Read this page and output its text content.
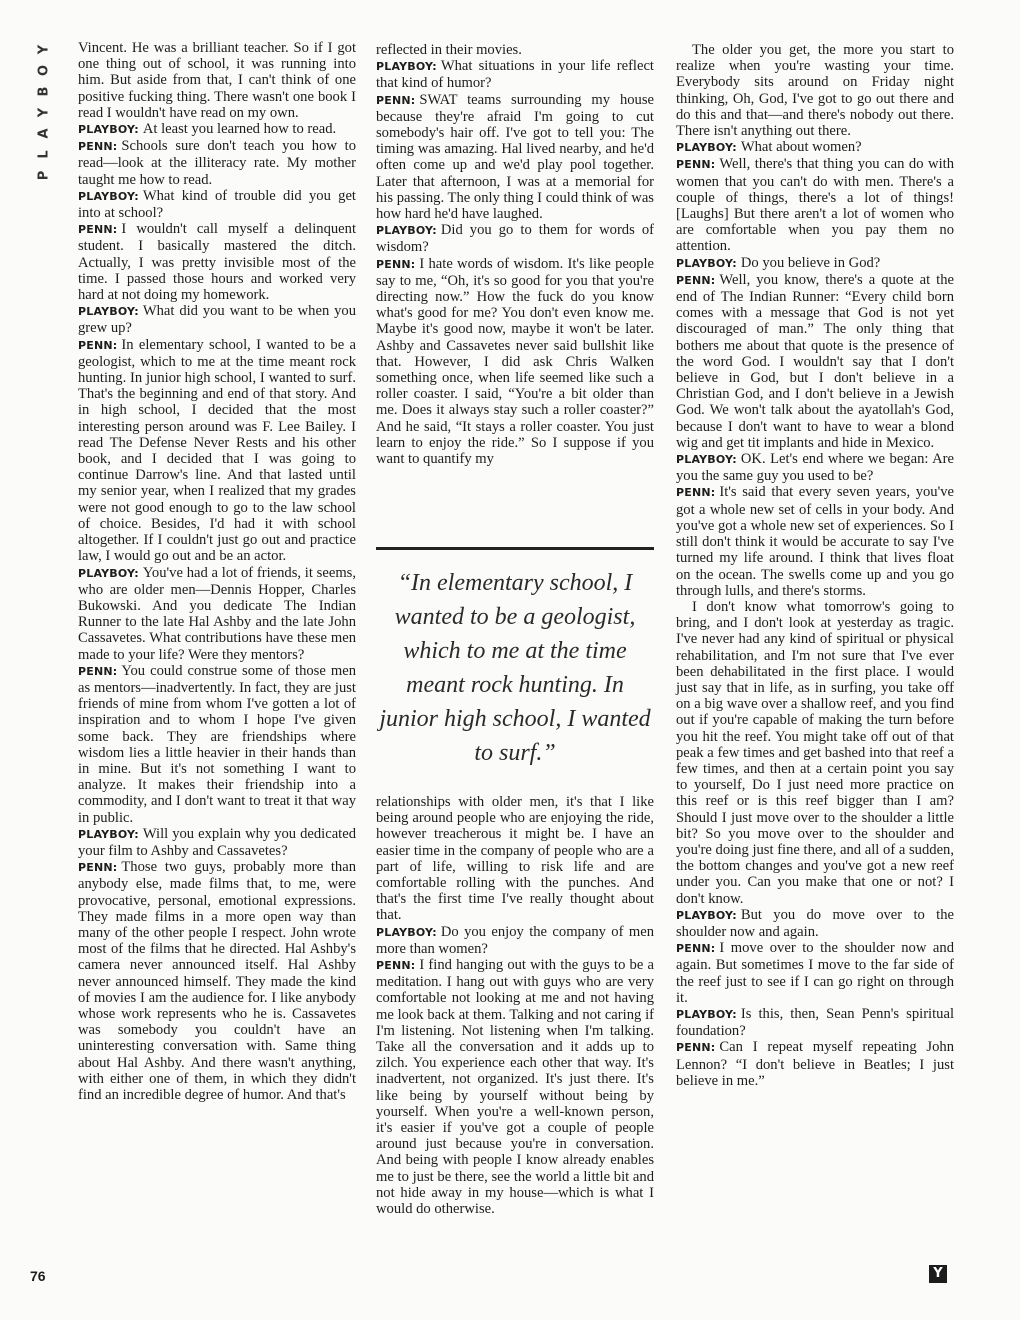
Y
O
B
Y
A
L
P

Vincent. He was a brilliant teacher. So if I got one thing out of school, it was running into him. But aside from that, I can't think of one positive fucking thing. There wasn't one book I read I wouldn't have read on my own.

PLAYBOY: At least you learned how to read.

PENN: Schools sure don't teach you how to read—look at the illiteracy rate. My mother taught me how to read.

PLAYBOY: What kind of trouble did you get into at school?

PENN: I wouldn't call myself a delinquent student. I basically mastered the ditch. Actually, I was pretty invisible most of the time. I passed those hours and worked very hard at not doing my homework.

PLAYBOY: What did you want to be when you grew up?

PENN: In elementary school, I wanted to be a geologist, which to me at the time meant rock hunting. In junior high school, I wanted to surf. That's the beginning and end of that story. And in high school, I decided that the most interesting person around was F. Lee Bailey. I read The Defense Never Rests and his other book, and I decided that I was going to continue Darrow's line. And that lasted until my senior year, when I realized that my grades were not good enough to go to the law school of choice. Besides, I'd had it with school altogether. If I couldn't just go out and practice law, I would go out and be an actor.

PLAYBOY: You've had a lot of friends, it seems, who are older men—Dennis Hopper, Charles Bukowski. And you dedicate The Indian Runner to the late Hal Ashby and the late John Cassavetes. What contributions have these men made to your life? Were they mentors?

PENN: You could construe some of those men as mentors—inadvertently. In fact, they are just friends of mine from whom I've gotten a lot of inspiration and to whom I hope I've given some back. They are friendships where wisdom lies a little heavier in their hands than in mine. But it's not something I want to analyze. It makes their friendship into a commodity, and I don't want to treat it that way in public.

PLAYBOY: Will you explain why you dedicated your film to Ashby and Cassavetes?

PENN: Those two guys, probably more than anybody else, made films that, to me, were provocative, personal, emotional expressions. They made films in a more open way than many of the other people I respect. John wrote most of the films that he directed. Hal Ashby's camera never announced itself. Hal Ashby never announced himself. They made the kind of movies I am the audience for. I like anybody whose work represents who he is. Cassavetes was somebody you couldn't have an uninteresting conversation with. Same thing about Hal Ashby. And there wasn't anything, with either one of them, in which they didn't find an incredible degree of humor. And that's

reflected in their movies.

PLAYBOY: What situations in your life reflect that kind of humor?

PENN: SWAT teams surrounding my house because they're afraid I'm going to cut somebody's hair off. I've got to tell you: The timing was amazing. Hal lived nearby, and he'd often come up and we'd play pool together. Later that afternoon, I was at a memorial for his passing. The only thing I could think of was how hard he'd have laughed.

PLAYBOY: Did you go to them for words of wisdom?

PENN: I hate words of wisdom. It's like people say to me, “Oh, it's so good for you that you're directing now.” How the fuck do you know what's good for me? You don't even know me. Maybe it's good now, maybe it won't be later. Ashby and Cassavetes never said bullshit like that. However, I did ask Chris Walken something once, when life seemed like such a roller coaster. I said, “You're a bit older than me. Does it always stay such a roller coaster?” And he said, “It stays a roller coaster. You just learn to enjoy the ride.” So I suppose if you want to quantify my

“In elementary school, I wanted to be a geologist, which to me at the time meant rock hunting. In junior high school, I wanted to surf.”

relationships with older men, it's that I like being around people who are enjoying the ride, however treacherous it might be. I have an easier time in the company of people who are a part of life, willing to risk life and are comfortable rolling with the punches. And that's the first time I've really thought about that.

PLAYBOY: Do you enjoy the company of men more than women?

PENN: I find hanging out with the guys to be a meditation. I hang out with guys who are very comfortable not looking at me and not having me look back at them. Talking and not caring if I'm listening. Not listening when I'm talking. Take all the conversation and it adds up to zilch. You experience each other that way. It's inadvertent, not organized. It's just there. It's like being by yourself without being by yourself. When you're a well-known person, it's easier if you've got a couple of people around just because you're in conversation. And being with people I know already enables me to just be there, see the world a little bit and not hide away in my house—which is what I would do otherwise.

The older you get, the more you start to realize when you're wasting your time. Everybody sits around on Friday night thinking, Oh, God, I've got to go out there and do this and that—and there's nobody out there. There isn't anything out there.

PLAYBOY: What about women?

PENN: Well, there's that thing you can do with women that you can't do with men. There's a couple of things, there's a lot of things! [Laughs] But there aren't a lot of women who are comfortable when you pay them no attention.

PLAYBOY: Do you believe in God?

PENN: Well, you know, there's a quote at the end of The Indian Runner: “Every child born comes with a message that God is not yet discouraged of man.” The only thing that bothers me about that quote is the presence of the word God. I wouldn't say that I don't believe in God, but I don't believe in a Christian God, and I don't believe in a Jewish God. We won't talk about the ayatollah's God, because I don't want to have to wear a blond wig and get tit implants and hide in Mexico.

PLAYBOY: OK. Let's end where we began: Are you the same guy you used to be?

PENN: It's said that every seven years, you've got a whole new set of cells in your body. And you've got a whole new set of experiences. So I still don't think it would be accurate to say I've turned my life around. I think that lives float on the ocean. The swells come up and you go through lulls, and there's storms.

I don't know what tomorrow's going to bring, and I don't look at yesterday as tragic. I've never had any kind of spiritual or physical rehabilitation, and I'm not sure that I've ever been dehabilitated in the first place. I would just say that in life, as in surfing, you take off on a big wave over a shallow reef, and you find out if you're capable of making the turn before you hit the reef. You might take off out of that peak a few times and get bashed into that reef a few times, and then at a certain point you say to yourself, Do I just need more practice on this reef or is this reef bigger than I am? Should I just move over to the shoulder a little bit? So you move over to the shoulder and you're doing just fine there, and all of a sudden, the bottom changes and you've got a new reef under you. Can you make that one or not? I don't know.

PLAYBOY: But you do move over to the shoulder now and again.

PENN: I move over to the shoulder now and again. But sometimes I move to the far side of the reef just to see if I can go right on through it.

PLAYBOY: Is this, then, Sean Penn's spiritual foundation?

PENN: Can I repeat myself repeating John Lennon? “I don't believe in Beatles; I just believe in me.”

76	Y
